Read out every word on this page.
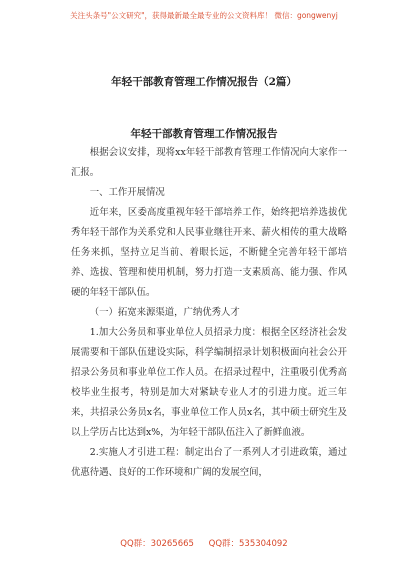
关注头条号"公文研究"，获得最新最全最专业的公文资料库！ 微信：gongwenyj
年轻干部教育管理工作情况报告（2篇）
年轻干部教育管理工作情况报告

根据会议安排，现将xx年轻干部教育管理工作情况向大家作一汇报。

一、工作开展情况

近年来，区委高度重视年轻干部培养工作，始终把培养选拔优秀年轻干部作为关系党和人民事业继往开来、薪火相传的重大战略任务来抓，坚持立足当前、着眼长远，不断健全完善年轻干部培养、选拔、管理和使用机制，努力打造一支素质高、能力强、作风硬的年轻干部队伍。

（一）拓宽来源渠道，广纳优秀人才

1.加大公务员和事业单位人员招录力度：根据全区经济社会发展需要和干部队伍建设实际，科学编制招录计划积极面向社会公开招录公务员和事业单位工作人员。在招录过程中，注重吸引优秀高校毕业生报考，特别是加大对紧缺专业人才的引进力度。近三年来，共招录公务员x名，事业单位工作人员x名，其中硕士研究生及以上学历占比达到x%，为年轻干部队伍注入了新鲜血液。

2.实施人才引进工程：制定出台了一系列人才引进政策，通过优惠待遇、良好的工作环境和广阔的发展空间，

QQ群：30265665 QQ群：535304092
